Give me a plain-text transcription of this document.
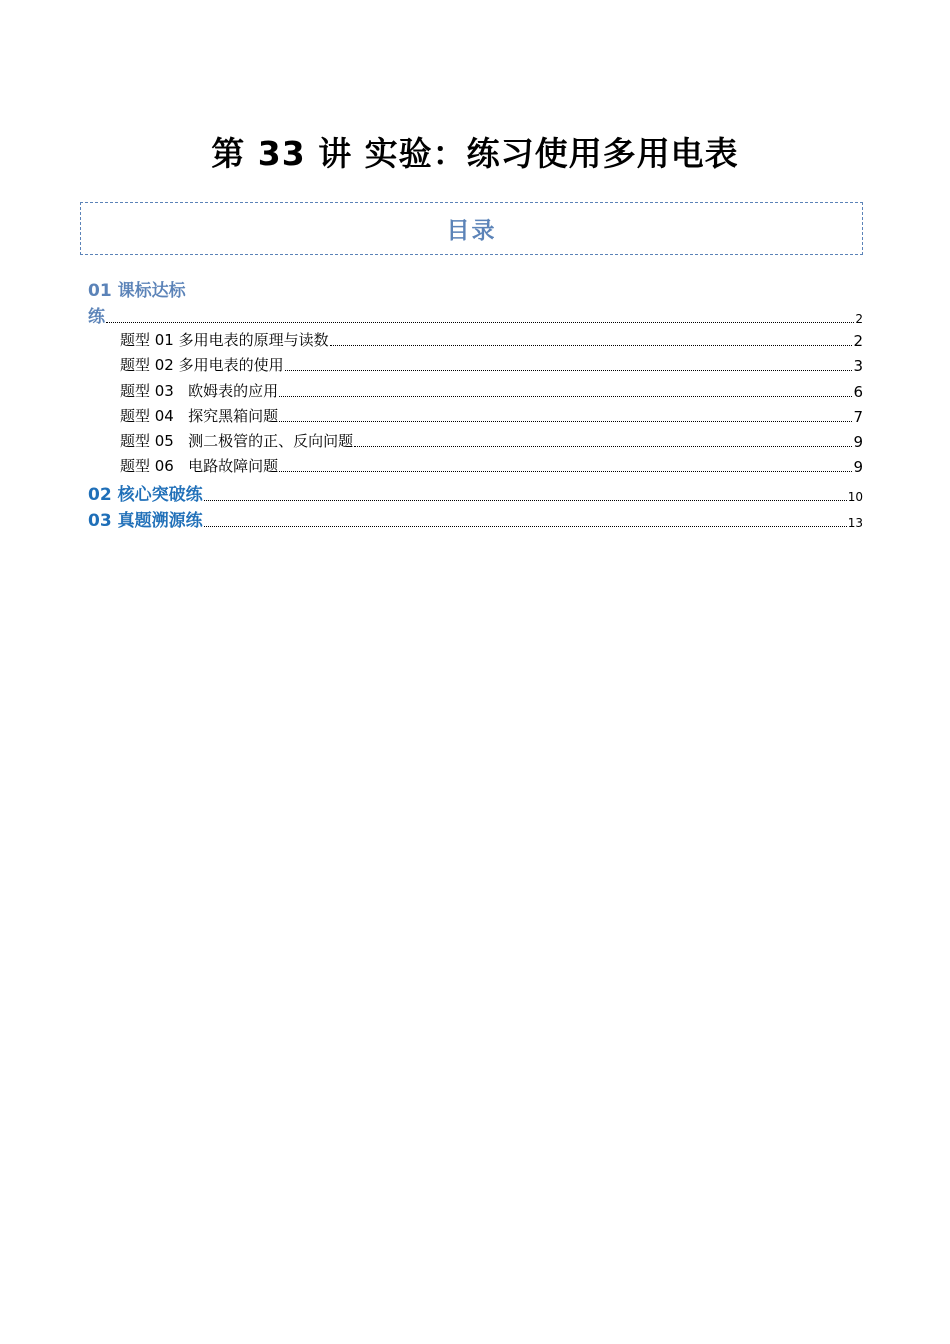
第 33 讲 实验：练习使用多用电表
目录
01 课标达标
练	2
题型 01 多用电表的原理与读数	2
题型 02 多用电表的使用	3
题型 03   欧姆表的应用	6
题型 04   探究黑箱问题	7
题型 05   测二极管的正、反向问题	9
题型 06   电路故障问题	9
02 核心突破练	10
03 真题溯源练	13
